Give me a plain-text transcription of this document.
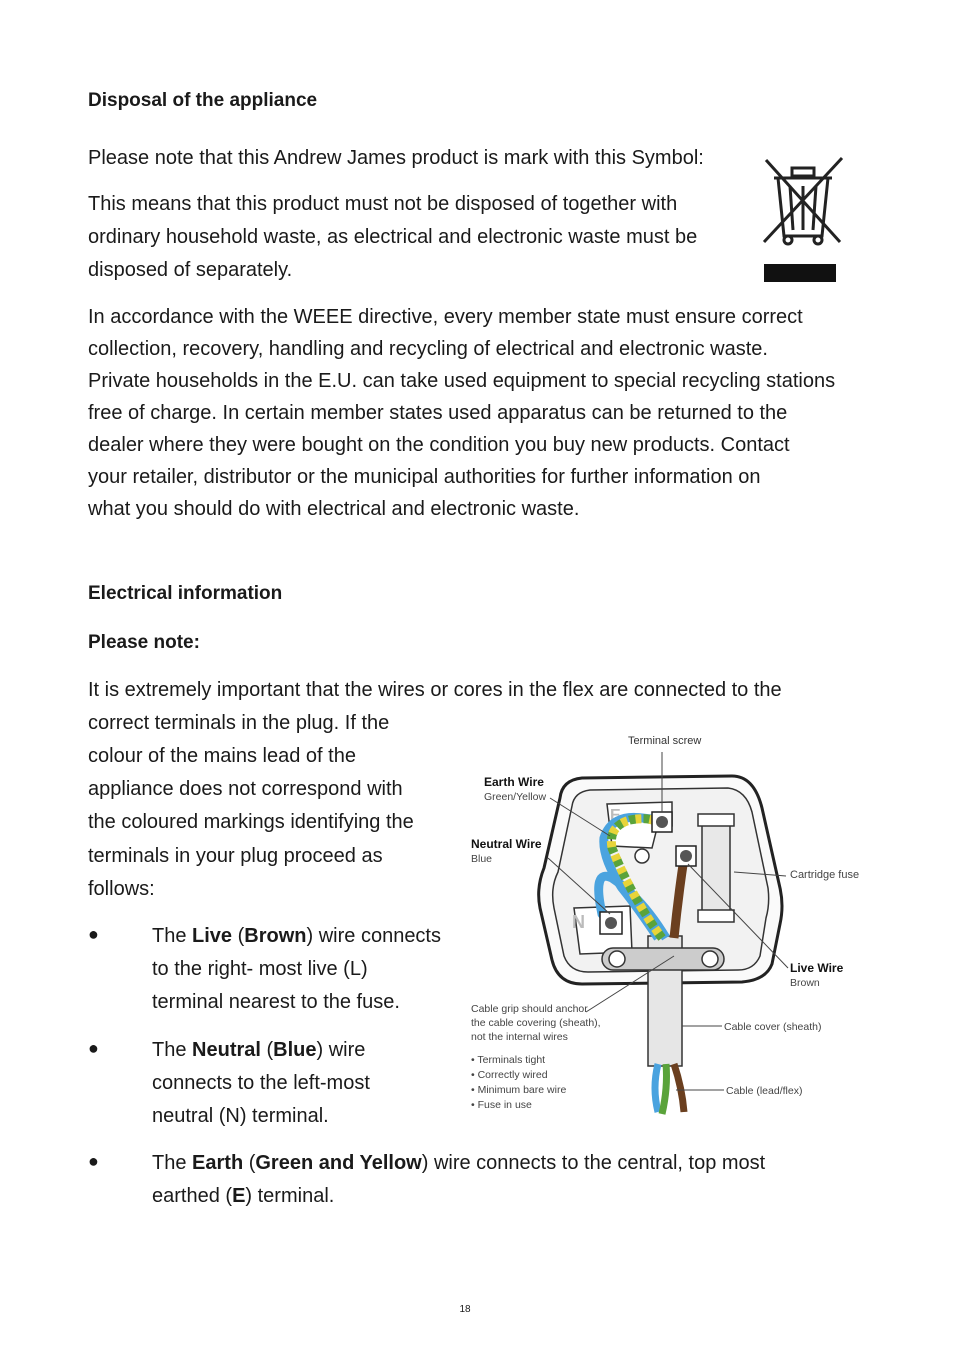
Disposal of the appliance
Please note that this Andrew James product is mark with this Symbol:
This means that this product must not be disposed of together with
ordinary household waste, as electrical and electronic waste must be
disposed of separately.
In accordance with the WEEE directive, every member state must ensure correct
collection, recovery, handling and recycling of electrical and electronic waste.
Private households in the E.U. can take used equipment to special recycling stations
free of charge. In certain member states used apparatus can be returned to the
dealer where they were bought on the condition you buy new products. Contact
your retailer, distributor or the municipal authorities for further information on
what you should do with electrical and electronic waste.
Electrical information
Please note:
It is extremely important that the wires or cores in the flex are connected to the
correct terminals in the plug. If the
colour of the mains lead of the
appliance does not correspond with
the coloured markings identifying the
terminals in your plug proceed as
follows:
●	The Live (Brown) wire connects
to the right- most live (L)
terminal nearest to the fuse.
●	The Neutral (Blue) wire
connects to the left-most
neutral (N) terminal.
●	The Earth (Green and Yellow) wire connects to the central, top most
earthed (E) terminal.
E
N
Terminal screw
Earth Wire
Green/Yellow
Neutral Wire
Blue
Cartridge fuse
Live Wire
Brown
Cable grip should anchor
the cable covering (sheath),
not the internal wires
• Terminals tight
• Correctly wired
• Minimum bare wire
• Fuse in use
Cable cover (sheath)
Cable (lead/flex)
18
